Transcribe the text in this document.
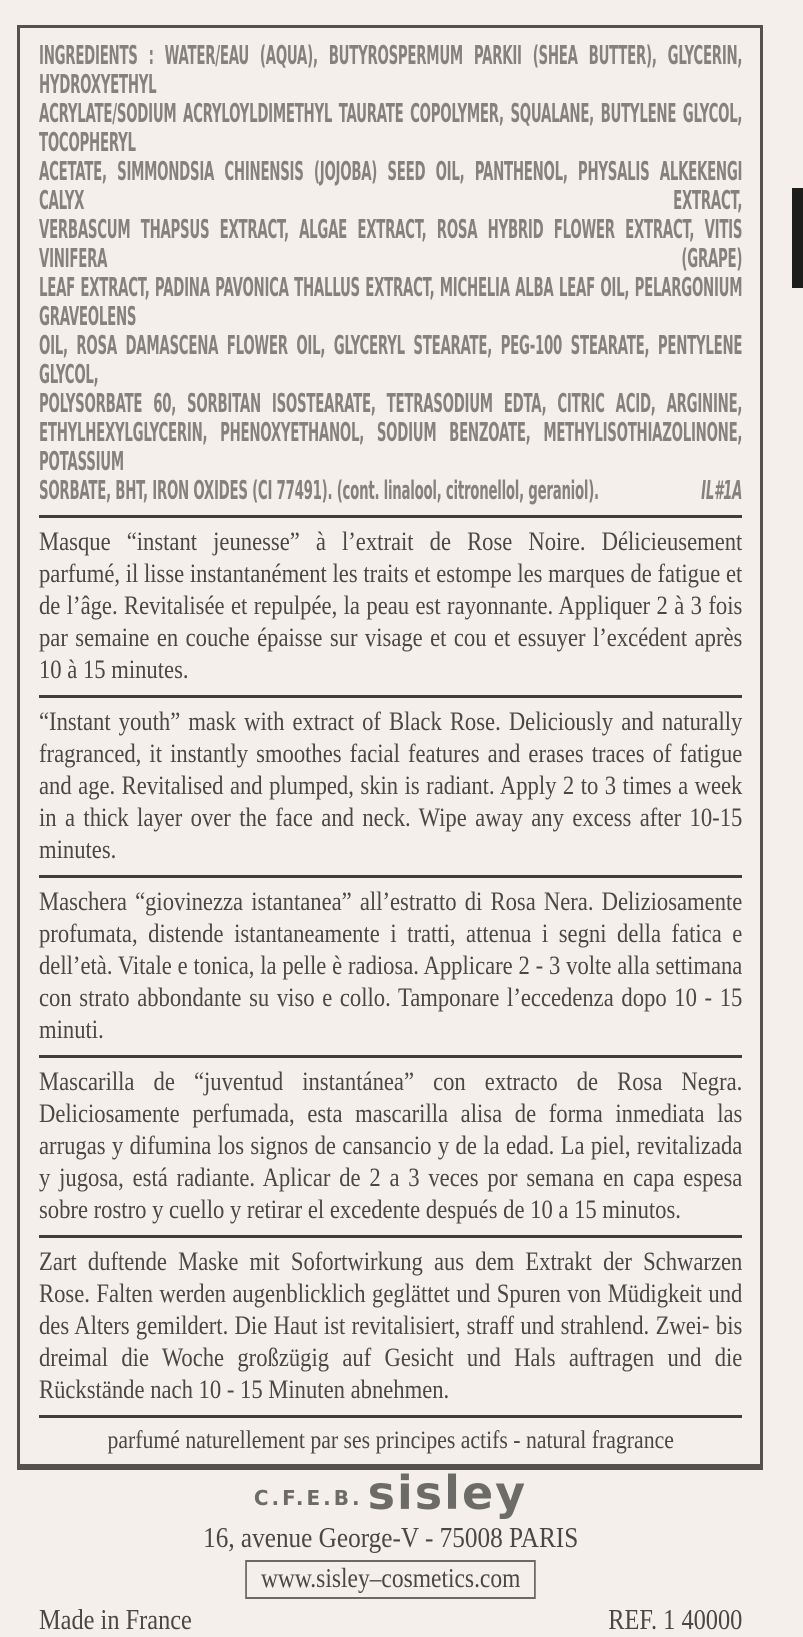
INGREDIENTS : WATER/EAU (AQUA), BUTYROSPERMUM PARKII (SHEA BUTTER), GLYCERIN, HYDROXYETHYL
ACRYLATE/SODIUM ACRYLOYLDIMETHYL TAURATE COPOLYMER, SQUALANE, BUTYLENE GLYCOL, TOCOPHERYL
ACETATE, SIMMONDSIA CHINENSIS (JOJOBA) SEED OIL, PANTHENOL, PHYSALIS ALKEKENGI CALYX EXTRACT,
VERBASCUM THAPSUS EXTRACT, ALGAE EXTRACT, ROSA HYBRID FLOWER EXTRACT, VITIS VINIFERA (GRAPE)
LEAF EXTRACT, PADINA PAVONICA THALLUS EXTRACT, MICHELIA ALBA LEAF OIL, PELARGONIUM GRAVEOLENS
OIL, ROSA DAMASCENA FLOWER OIL, GLYCERYL STEARATE, PEG-100 STEARATE, PENTYLENE GLYCOL,
POLYSORBATE 60, SORBITAN ISOSTEARATE, TETRASODIUM EDTA, CITRIC ACID, ARGININE,
ETHYLHEXYLGLYCERIN, PHENOXYETHANOL, SODIUM BENZOATE, METHYLISOTHIAZOLINONE, POTASSIUM
SORBATE, BHT, IRON OXIDES (CI 77491). (cont. linalool, citronellol, geraniol).	IL#1A
Masque “instant jeunesse” à l’extrait de Rose Noire. Délicieusement parfumé, il lisse instantanément les traits et estompe les marques de fatigue et de l’âge. Revitalisée et repulpée, la peau est rayonnante. Appliquer 2 à 3 fois par semaine en couche épaisse sur visage et cou et essuyer l’excédent après 10 à 15 minutes.
“Instant youth” mask with extract of Black Rose. Deliciously and naturally fragranced, it instantly smoothes facial features and erases traces of fatigue and age. Revitalised and plumped, skin is radiant. Apply 2 to 3 times a week in a thick layer over the face and neck. Wipe away any excess after 10-15 minutes.
Maschera “giovinezza istantanea” all’estratto di Rosa Nera. Deliziosamente profumata, distende istantaneamente i tratti, attenua i segni della fatica e dell’età. Vitale e tonica, la pelle è radiosa. Applicare 2 - 3 volte alla settimana con strato abbondante su viso e collo. Tamponare l’eccedenza dopo 10 - 15 minuti.
Mascarilla de “juventud instantánea” con extracto de Rosa Negra. Deliciosamente perfumada, esta mascarilla alisa de forma inmediata las arrugas y difumina los signos de cansancio y de la edad. La piel, revitalizada y jugosa, está radiante. Aplicar de 2 a 3 veces por semana en capa espesa sobre rostro y cuello y retirar el excedente después de 10 a 15 minutos.
Zart duftende Maske mit Sofortwirkung aus dem Extrakt der Schwarzen Rose. Falten werden augenblicklich geglättet und Spuren von Müdigkeit und des Alters gemildert. Die Haut ist revitalisiert, straff und strahlend. Zwei- bis dreimal die Woche großzügig auf Gesicht und Hals auftragen und die Rückstände nach 10 - 15 Minuten abnehmen.
parfumé naturellement par ses principes actifs - natural fragrance
C.F.E.B. sisley
16, avenue George-V - 75008 PARIS
www.sisley–cosmetics.com
Made in France	REF. 1 40000
